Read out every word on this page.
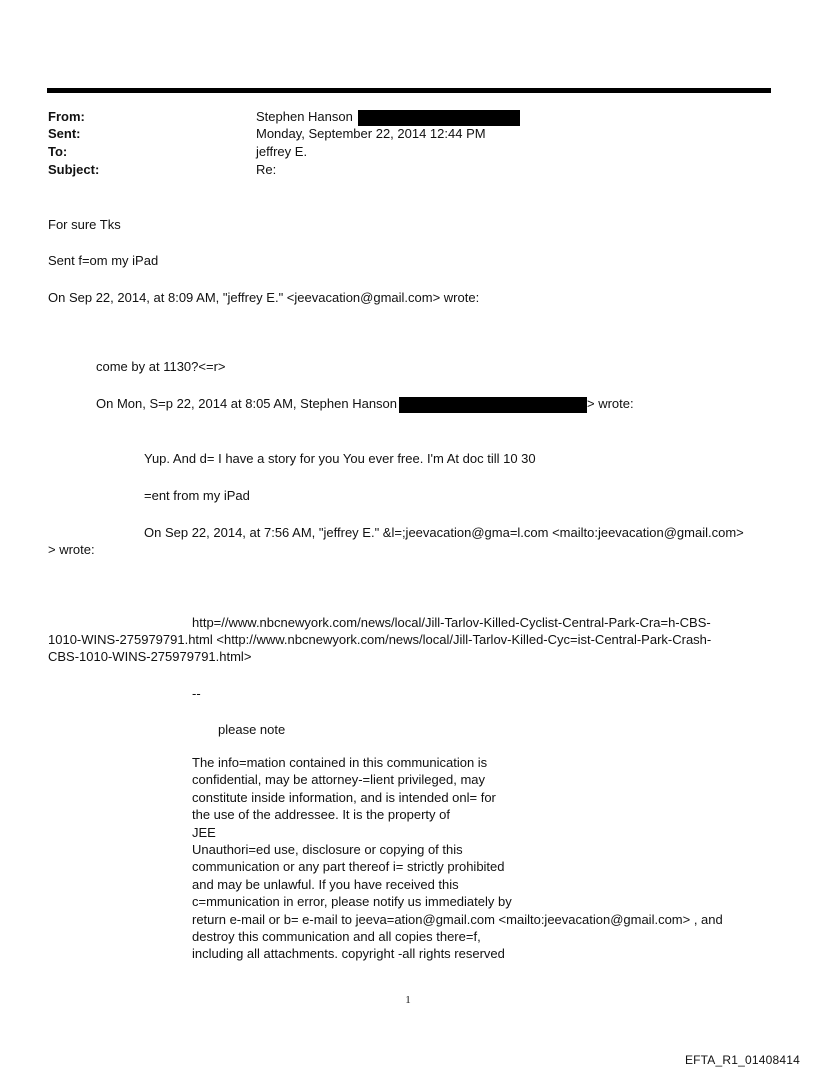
From:	Stephen Hanson
Sent:	Monday, September 22, 2014 12:44 PM
To:	jeffrey E.
Subject:	Re:
For sure Tks
Sent f=om my iPad
On Sep 22, 2014, at 8:09 AM, "jeffrey E." <jeevacation@gmail.com> wrote:
come by at 1130?<=r>
On Mon, S=p 22, 2014 at 8:05 AM, Stephen Hanson	> wrote:
Yup. And d= I have a story for you You ever free. I'm At doc till 10 30
=ent from my iPad
On Sep 22, 2014, at 7:56 AM, "jeffrey E." &l=;jeevacation@gma=l.com <mailto:jeevacation@gmail.com>
> wrote:
http=//www.nbcnewyork.com/news/local/Jill-Tarlov-Killed-Cyclist-Central-Park-Cra=h-CBS-
1010-WINS-275979791.html <http://www.nbcnewyork.com/news/local/Jill-Tarlov-Killed-Cyc=ist-Central-Park-Crash-
CBS-1010-WINS-275979791.html>
--
please note
The info=mation contained in this communication is
confidential, may be attorney-=lient privileged, may
constitute inside information, and is intended onl= for
the use of the addressee. It is the property of
JEE
Unauthori=ed use, disclosure or copying of this
communication or any part thereof i= strictly prohibited
and may be unlawful. If you have received this
c=mmunication in error, please notify us immediately by
return e-mail or b= e-mail to jeeva=ation@gmail.com <mailto:jeevacation@gmail.com> , and
destroy this communication and all copies there=f,
including all attachments. copyright -all rights reserved
1
EFTA_R1_01408414
